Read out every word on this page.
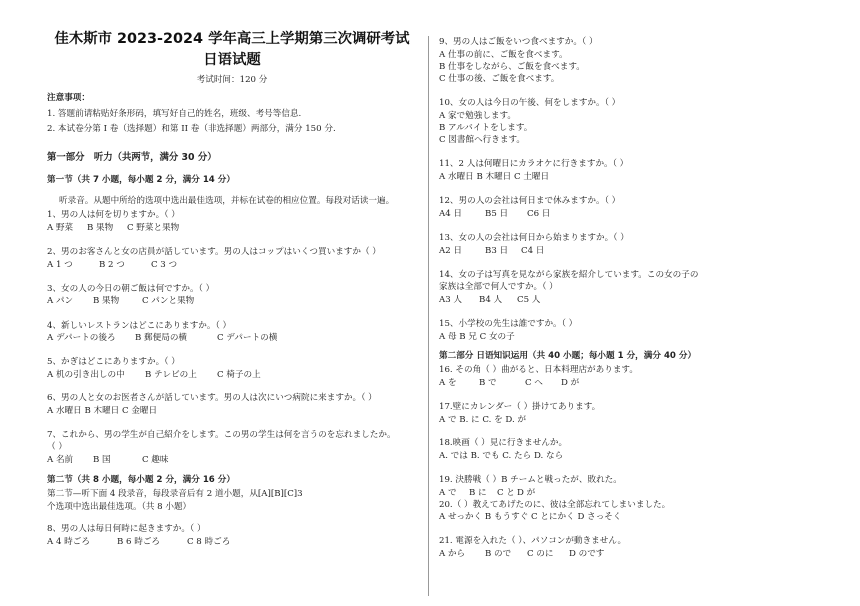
佳木斯市 2023-2024 学年高三上学期第三次调研考试
日语试题
考试时间：120 分
注意事项：
1. 答题前请粘贴好条形码，填写好自己的姓名，班级、考号等信息.
2. 本试卷分第 I 卷（选择题）和第 II 卷（非选择题）两部分，满分 150 分.
第一部分　听力（共两节，满分 30 分）
第一节（共 7 小题，每小题 2 分，满分 14 分）
听录音。从题中所给的选项中选出最佳选项，并标在试卷的相应位置。每段对话读一遍。
1、男の人は何を切りますか。（ ）
A 野菜 B 果物 C 野菜と果物
2、男のお客さんと女の店員が話しています。男の人はコップはいくつ買いますか（ ）
A 1 つ	B 2 つ	C 3 つ
3、女の人の今日の朝ご飯は何ですか。（ ）
A パン B 果物	C パンと果物
4、新しいレストランはどこにありますか。（ ）
A デパートの後ろ B 郵便局の横	C デパートの横
5、かぎはどこにありますか。（ ）
A 机の引き出しの中 B テレビの上 C 椅子の上
6、男の人と女のお医者さんが話しています。男の人は次にいつ病院に来ますか。（ ）
A 水曜日 B 木曜日 C 金曜日
7、これから、男の学生が自己紹介をします。この男の学生は何を言うのを忘れましたか。
（ ）
A 名前 B 国	C 趣味
第二节（共 8 小题，每小题 2 分，满分 16 分）
第二节—听下面 4 段录音，每段录音后有 2 道小题，从[A][B][C]3
个选项中选出最佳选项。（共 8 小题）
8、男の人は毎日何時に起きますか。（ ）
A 4 時ごろ	B 6 時ごろ	C 8 時ごろ
9、男の人はご飯をいつ食べますか。（ ）
A 仕事の前に、ご飯を食べます。
B 仕事をしながら、ご飯を食べます。
C 仕事の後、ご飯を食べます。
10、女の人は今日の午後、何をしますか。（ ）
A 家で勉強します。
B アルバイトをします。
C 図書館へ行きます。
11、2 人は何曜日にカラオケに行きますか。（ ）
A 水曜日 B 木曜日 C 土曜日
12、男の人の会社は何日まで休みますか。（ ）
A4 日	B5 日 C6 日
13、女の人の会社は何日から始まりますか。（ ）
A2 日	B3 日 C4 日
14、女の子は写真を見ながら家族を紹介しています。この女の子の
家族は全部で何人ですか。（ ）
A3 人 B4 人 C5 人
15、小学校の先生は誰ですか。（ ）
A 母 B 兄 C 女の子
第二部分 日语知识运用（共 40 小题；每小题 1 分，满分 40 分）
16. その角（ ）曲がると、日本料理店があります。
A を	B で	C へ D が
17.壁にカレンダー（ ）掛けてあります。
A で B. に C. を D. が
18.映画（ ）見に行きませんか。
A. では B. でも C. たら D. なら
19. 決勝戦（ ）B チームと戦ったが、敗れた。
A で B に C と D が
20.（ ）教えてあげたのに、彼は全部忘れてしまいました。
A せっかく B もうすぐ C とにかく D さっそく
21. 電源を入れた（ ）、パソコンが動きません。
A から B ので C のに D のです
